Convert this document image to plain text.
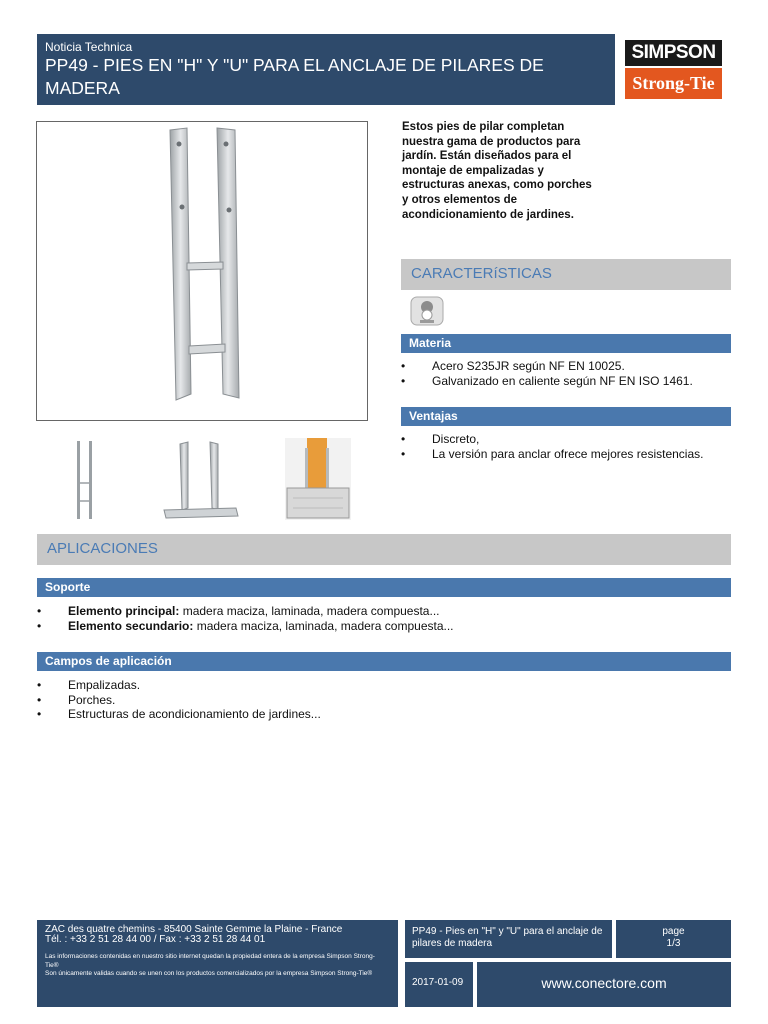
Noticia Technica
PP49 - PIES EN "H" Y "U" PARA EL ANCLAJE DE PILARES DE MADERA
SIMPSON
Strong-Tie
Estos pies de pilar completan nuestra gama de productos para jardín. Están diseñados para el montaje de empalizadas y estructuras anexas, como porches y otros elementos de acondicionamiento de jardines.
CARACTERíSTICAS
Materia
• Acero S235JR según NF EN 10025.
• Galvanizado en caliente según NF EN ISO 1461.
Ventajas
• Discreto,
• La versión para anclar ofrece mejores resistencias.
APLICACIONES
Soporte
• Elemento principal: madera maciza, laminada, madera compuesta...
• Elemento secundario: madera maciza, laminada, madera compuesta...
Campos de aplicación
• Empalizadas.
• Porches.
• Estructuras de acondicionamiento de jardines...
ZAC des quatre chemins - 85400 Sainte Gemme la Plaine - France
Tél. : +33 2 51 28 44 00 / Fax : +33 2 51 28 44 01
Las informaciones contenidas en nuestro sitio internet quedan la propiedad entera de la empresa Simpson Strong-Tie®
Son únicamente validas cuando se unen con los productos comercializados por la empresa Simpson Strong-Tie®
PP49 - Pies en "H" y "U" para el anclaje de pilares de madera
page
1/3
2017-01-09	www.conectore.com
